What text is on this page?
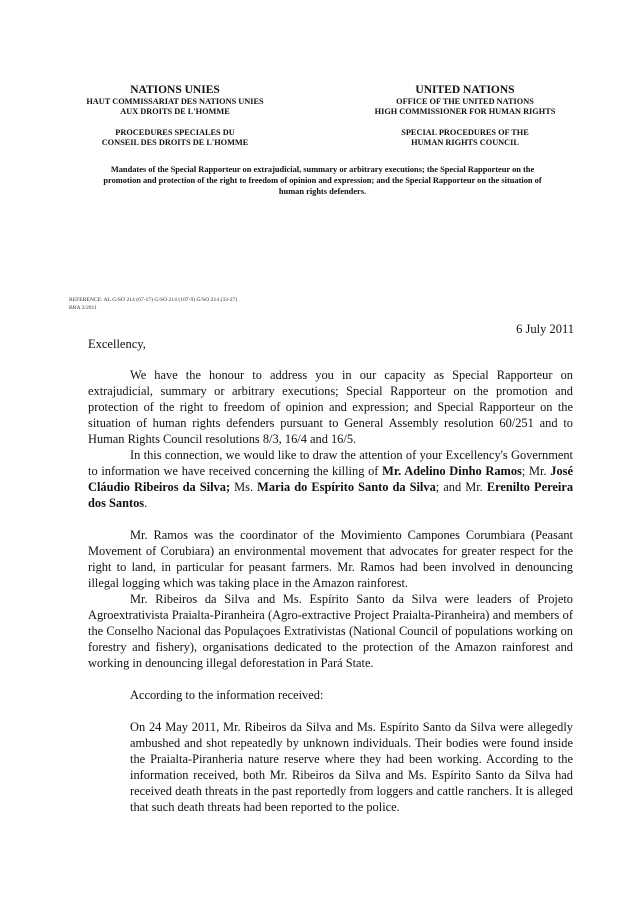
NATIONS UNIES
HAUT COMMISSARIAT DES NATIONS UNIES
AUX DROITS DE L'HOMME
PROCEDURES SPECIALES DU
CONSEIL DES DROITS DE L'HOMME
UNITED NATIONS
OFFICE OF THE UNITED NATIONS
HIGH COMMISSIONER FOR HUMAN RIGHTS
SPECIAL PROCEDURES OF THE
HUMAN RIGHTS COUNCIL
Mandates of the Special Rapporteur on extrajudicial, summary or arbitrary executions; the Special Rapporteur on the promotion and protection of the right to freedom of opinion and expression; and the Special Rapporteur on the situation of human rights defenders.
REFERENCE: AL G/SO 214 (67-17) G/SO 214 (107-9) G/SO 214 (33-27)
BRA 3/2011
6 July 2011
Excellency,

We have the honour to address you in our capacity as Special Rapporteur on extrajudicial, summary or arbitrary executions; Special Rapporteur on the promotion and protection of the right to freedom of opinion and expression; and Special Rapporteur on the situation of human rights defenders pursuant to General Assembly resolution 60/251 and to Human Rights Council resolutions 8/3, 16/4 and 16/5.

In this connection, we would like to draw the attention of your Excellency's Government to information we have received concerning the killing of Mr. Adelino Dinho Ramos; Mr. José Cláudio Ribeiros da Silva; Ms. Maria do Espírito Santo da Silva; and Mr. Erenilto Pereira dos Santos.

Mr. Ramos was the coordinator of the Movimiento Campones Corumbiara (Peasant Movement of Corubiara) an environmental movement that advocates for greater respect for the right to land, in particular for peasant farmers. Mr. Ramos had been involved in denouncing illegal logging which was taking place in the Amazon rainforest.

Mr. Ribeiros da Silva and Ms. Espírito Santo da Silva were leaders of Projeto Agroextrativista Praialta-Piranheira (Agro-extractive Project Praialta-Piranheira) and members of the Conselho Nacional das Populaçoes Extrativistas (National Council of populations working on forestry and fishery), organisations dedicated to the protection of the Amazon rainforest and working in denouncing illegal deforestation in Pará State.

According to the information received:

On 24 May 2011, Mr. Ribeiros da Silva and Ms. Espírito Santo da Silva were allegedly ambushed and shot repeatedly by unknown individuals. Their bodies were found inside the Praialta-Piranheria nature reserve where they had been working. According to the information received, both Mr. Ribeiros da Silva and Ms. Espírito Santo da Silva had received death threats in the past reportedly from loggers and cattle ranchers. It is alleged that such death threats had been reported to the police.
